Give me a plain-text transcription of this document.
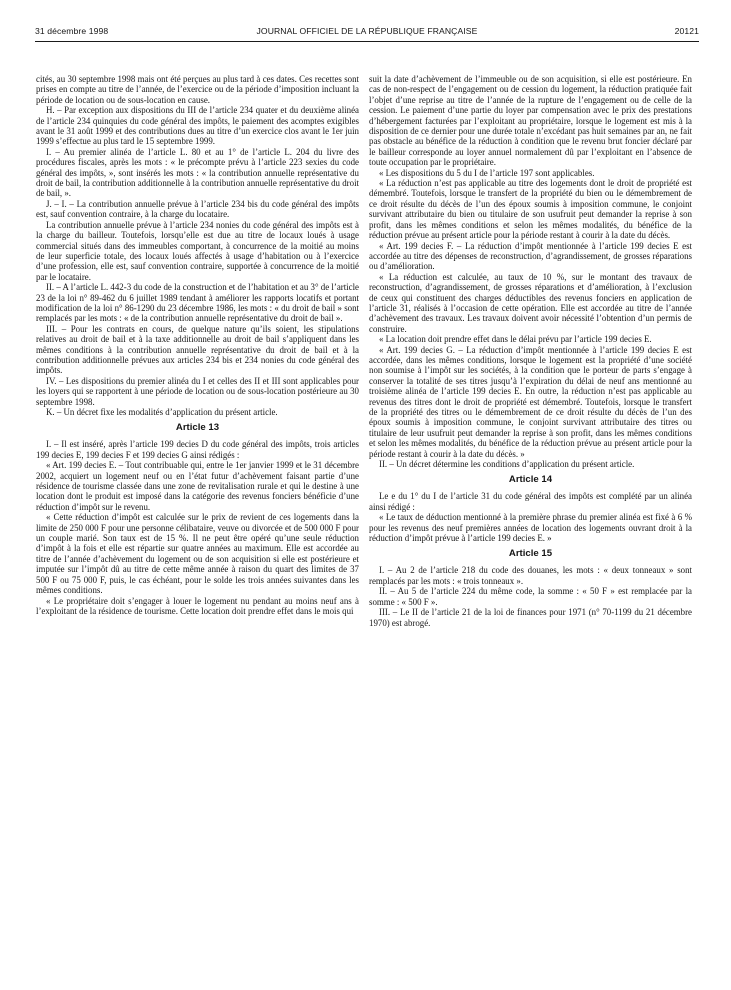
31 décembre 1998	JOURNAL OFFICIEL DE LA RÉPUBLIQUE FRANÇAISE	20121

cités, au 30 septembre 1998 mais ont été perçues au plus tard à ces dates. Ces recettes sont prises en compte au titre de l’année, de l’exercice ou de la période d’imposition incluant la période de location ou de sous-location en cause.

H. – Par exception aux dispositions du III de l’article 234 quater et du deuxième alinéa de l’article 234 quinquies du code général des impôts, le paiement des acomptes exigibles avant le 31 août 1999 et des contributions dues au titre d’un exercice clos avant le 1er juin 1999 s’effectue au plus tard le 15 septembre 1999.

I. – Au premier alinéa de l’article L. 80 et au 1° de l’article L. 204 du livre des procédures fiscales, après les mots : « le précompte prévu à l’article 223 sexies du code général des impôts, », sont insérés les mots : « la contribution annuelle représentative du droit de bail, la contribution additionnelle à la contribution annuelle représentative du droit de bail, ».

J. – I. – La contribution annuelle prévue à l’article 234 bis du code général des impôts est, sauf convention contraire, à la charge du locataire.

La contribution annuelle prévue à l’article 234 nonies du code général des impôts est à la charge du bailleur. Toutefois, lorsqu’elle est due au titre de locaux loués à usage commercial situés dans des immeubles comportant, à concurrence de la moitié au moins de leur superficie totale, des locaux loués affectés à usage d’habitation ou à l’exercice d’une profession, elle est, sauf convention contraire, supportée à concurrence de la moitié par le locataire.

II. – A l’article L. 442-3 du code de la construction et de l’habitation et au 3° de l’article 23 de la loi n° 89-462 du 6 juillet 1989 tendant à améliorer les rapports locatifs et portant modification de la loi n° 86-1290 du 23 décembre 1986, les mots : « du droit de bail » sont remplacés par les mots : « de la contribution annuelle représentative du droit de bail ».

III. – Pour les contrats en cours, de quelque nature qu’ils soient, les stipulations relatives au droit de bail et à la taxe additionnelle au droit de bail s’appliquent dans les mêmes conditions à la contribution annuelle représentative du droit de bail et à la contribution additionnelle prévues aux articles 234 bis et 234 nonies du code général des impôts.

IV. – Les dispositions du premier alinéa du I et celles des II et III sont applicables pour les loyers qui se rapportent à une période de location ou de sous-location postérieure au 30 septembre 1998.

K. – Un décret fixe les modalités d’application du présent article.

Article 13

I. – Il est inséré, après l’article 199 decies D du code général des impôts, trois articles 199 decies E, 199 decies F et 199 decies G ainsi rédigés :

« Art. 199 decies E. – Tout contribuable qui, entre le 1er janvier 1999 et le 31 décembre 2002, acquiert un logement neuf ou en l’état futur d’achèvement faisant partie d’une résidence de tourisme classée dans une zone de revitalisation rurale et qui le destine à une location dont le produit est imposé dans la catégorie des revenus fonciers bénéficie d’une réduction d’impôt sur le revenu.

« Cette réduction d’impôt est calculée sur le prix de revient de ces logements dans la limite de 250 000 F pour une personne célibataire, veuve ou divorcée et de 500 000 F pour un couple marié. Son taux est de 15 %. Il ne peut être opéré qu’une seule réduction d’impôt à la fois et elle est répartie sur quatre années au maximum. Elle est accordée au titre de l’année d’achèvement du logement ou de son acquisition si elle est postérieure et imputée sur l’impôt dû au titre de cette même année à raison du quart des limites de 37 500 F ou 75 000 F, puis, le cas échéant, pour le solde les trois années suivantes dans les mêmes conditions.

« Le propriétaire doit s’engager à louer le logement nu pendant au moins neuf ans à l’exploitant de la résidence de tourisme. Cette location doit prendre effet dans le mois qui

suit la date d’achèvement de l’immeuble ou de son acquisition, si elle est postérieure. En cas de non-respect de l’engagement ou de cession du logement, la réduction pratiquée fait l’objet d’une reprise au titre de l’année de la rupture de l’engagement ou de celle de la cession. Le paiement d’une partie du loyer par compensation avec le prix des prestations d’hébergement facturées par l’exploitant au propriétaire, lorsque le logement est mis à la disposition de ce dernier pour une durée totale n’excédant pas huit semaines par an, ne fait pas obstacle au bénéfice de la réduction à condition que le revenu brut foncier déclaré par le bailleur corresponde au loyer annuel normalement dû par l’exploitant en l’absence de toute occupation par le propriétaire.

« Les dispositions du 5 du I de l’article 197 sont applicables.

« La réduction n’est pas applicable au titre des logements dont le droit de propriété est démembré. Toutefois, lorsque le transfert de la propriété du bien ou le démembrement de ce droit résulte du décès de l’un des époux soumis à imposition commune, le conjoint survivant attributaire du bien ou titulaire de son usufruit peut demander la reprise à son profit, dans les mêmes conditions et selon les mêmes modalités, du bénéfice de la réduction prévue au présent article pour la période restant à courir à la date du décès.

« Art. 199 decies F. – La réduction d’impôt mentionnée à l’article 199 decies E est accordée au titre des dépenses de reconstruction, d’agrandissement, de grosses réparations ou d’amélioration.

« La réduction est calculée, au taux de 10 %, sur le montant des travaux de reconstruction, d’agrandissement, de grosses réparations et d’amélioration, à l’exclusion de ceux qui constituent des charges déductibles des revenus fonciers en application de l’article 31, réalisés à l’occasion de cette opération. Elle est accordée au titre de l’année d’achèvement des travaux. Les travaux doivent avoir nécessité l’obtention d’un permis de construire.

« La location doit prendre effet dans le délai prévu par l’article 199 decies E.

« Art. 199 decies G. – La réduction d’impôt mentionnée à l’article 199 decies E est accordée, dans les mêmes conditions, lorsque le logement est la propriété d’une société non soumise à l’impôt sur les sociétés, à la condition que le porteur de parts s’engage à conserver la totalité de ses titres jusqu’à l’expiration du délai de neuf ans mentionné au troisième alinéa de l’article 199 decies E. En outre, la réduction n’est pas applicable au revenus des titres dont le droit de propriété est démembré. Toutefois, lorsque le transfert de la propriété des titres ou le démembrement de ce droit résulte du décès de l’un des époux soumis à imposition commune, le conjoint survivant attributaire des titres ou titulaire de leur usufruit peut demander la reprise à son profit, dans les mêmes conditions et selon les mêmes modalités, du bénéfice de la réduction prévue au présent article pour la période restant à courir à la date du décès. »

II. – Un décret détermine les conditions d’application du présent article.

Article 14

Le e du 1° du I de l’article 31 du code général des impôts est complété par un alinéa ainsi rédigé :

« Le taux de déduction mentionné à la première phrase du premier alinéa est fixé à 6 % pour les revenus des neuf premières années de location des logements ouvrant droit à la réduction d’impôt prévue à l’article 199 decies E. »

Article 15

I. – Au 2 de l’article 218 du code des douanes, les mots : « deux tonneaux » sont remplacés par les mots : « trois tonneaux ».

II. – Au 5 de l’article 224 du même code, la somme : « 50 F » est remplacée par la somme : « 500 F ».

III. – Le II de l’article 21 de la loi de finances pour 1971 (n° 70-1199 du 21 décembre 1970) est abrogé.
